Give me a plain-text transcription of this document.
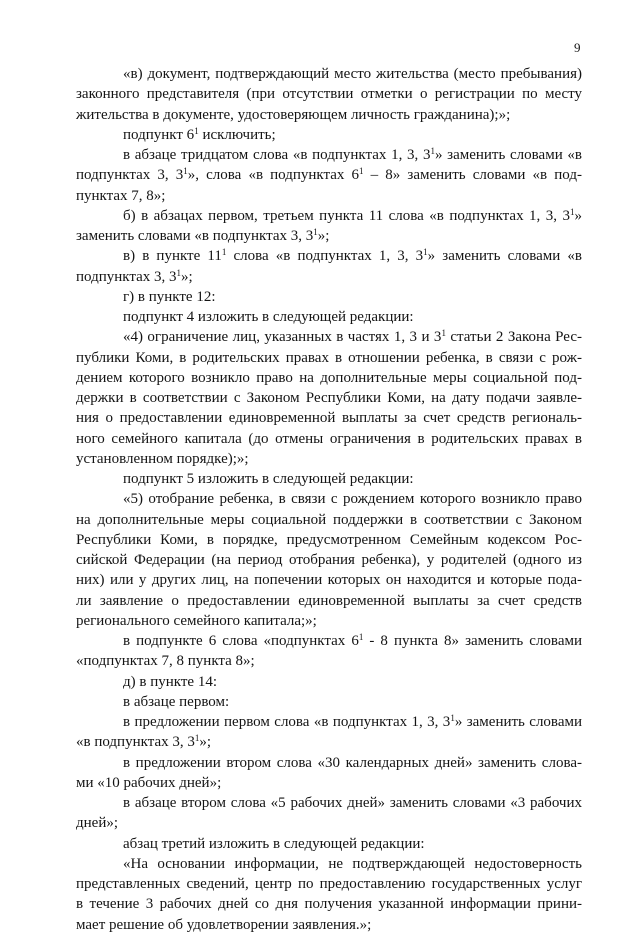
9
«в) документ, подтверждающий место жительства (место пребывания)
законного представителя (при отсутствии отметки о регистрации по месту
жительства в документе, удостоверяющем личность гражданина);»;
подпункт $6^1$ исключить;
в абзаце тридцатом слова «в подпунктах 1, 3, $3^1$» заменить словами «в
подпунктах 3, $3^1$», слова «в подпунктах $6^1 - 8$» заменить словами «в под-
пунктах 7, 8»;
б) в абзацах первом, третьем пункта 11 слова «в подпунктах 1, 3, $3^1$»
заменить словами «в подпунктах 3, $3^1$»;
в) в пункте $11^1$ слова «в подпунктах 1, 3, $3^1$» заменить словами «в
подпунктах 3, $3^1$»;
г) в пункте 12:
подпункт 4 изложить в следующей редакции:
«4) ограничение лиц, указанных в частях 1, 3 и $3^1$ статьи 2 Закона Рес-
публики Коми, в родительских правах в отношении ребенка, в связи с рож-
дением которого возникло право на дополнительные меры социальной под-
держки в соответствии с Законом Республики Коми, на дату подачи заявле-
ния о предоставлении единовременной выплаты за счет средств региональ-
ного семейного капитала (до отмены ограничения в родительских правах в
установленном порядке);»;
подпункт 5 изложить в следующей редакции:
«5) отобрание ребенка, в связи с рождением которого возникло право
на дополнительные меры социальной поддержки в соответствии с Законом
Республики Коми, в порядке, предусмотренном Семейным кодексом Рос-
сийской Федерации (на период отобрания ребенка), у родителей (одного из
них) или у других лиц, на попечении которых он находится и которые пода-
ли заявление о предоставлении единовременной выплаты за счет средств
регионального семейного капитала;»;
в подпункте 6 слова «подпунктах $6^1 - 8$ пункта 8» заменить словами
«подпунктах 7, 8 пункта 8»;
д) в пункте 14:
в абзаце первом:
в предложении первом слова «в подпунктах 1, 3, $3^1$» заменить словами
«в подпунктах 3, $3^1$»;
в предложении втором слова «30 календарных дней» заменить слова-
ми «10 рабочих дней»;
в абзаце втором слова «5 рабочих дней» заменить словами «3 рабочих
дней»;
абзац третий изложить в следующей редакции:
«На основании информации, не подтверждающей недостоверность
представленных сведений, центр по предоставлению государственных услуг
в течение 3 рабочих дней со дня получения указанной информации прини-
мает решение об удовлетворении заявления.»;
